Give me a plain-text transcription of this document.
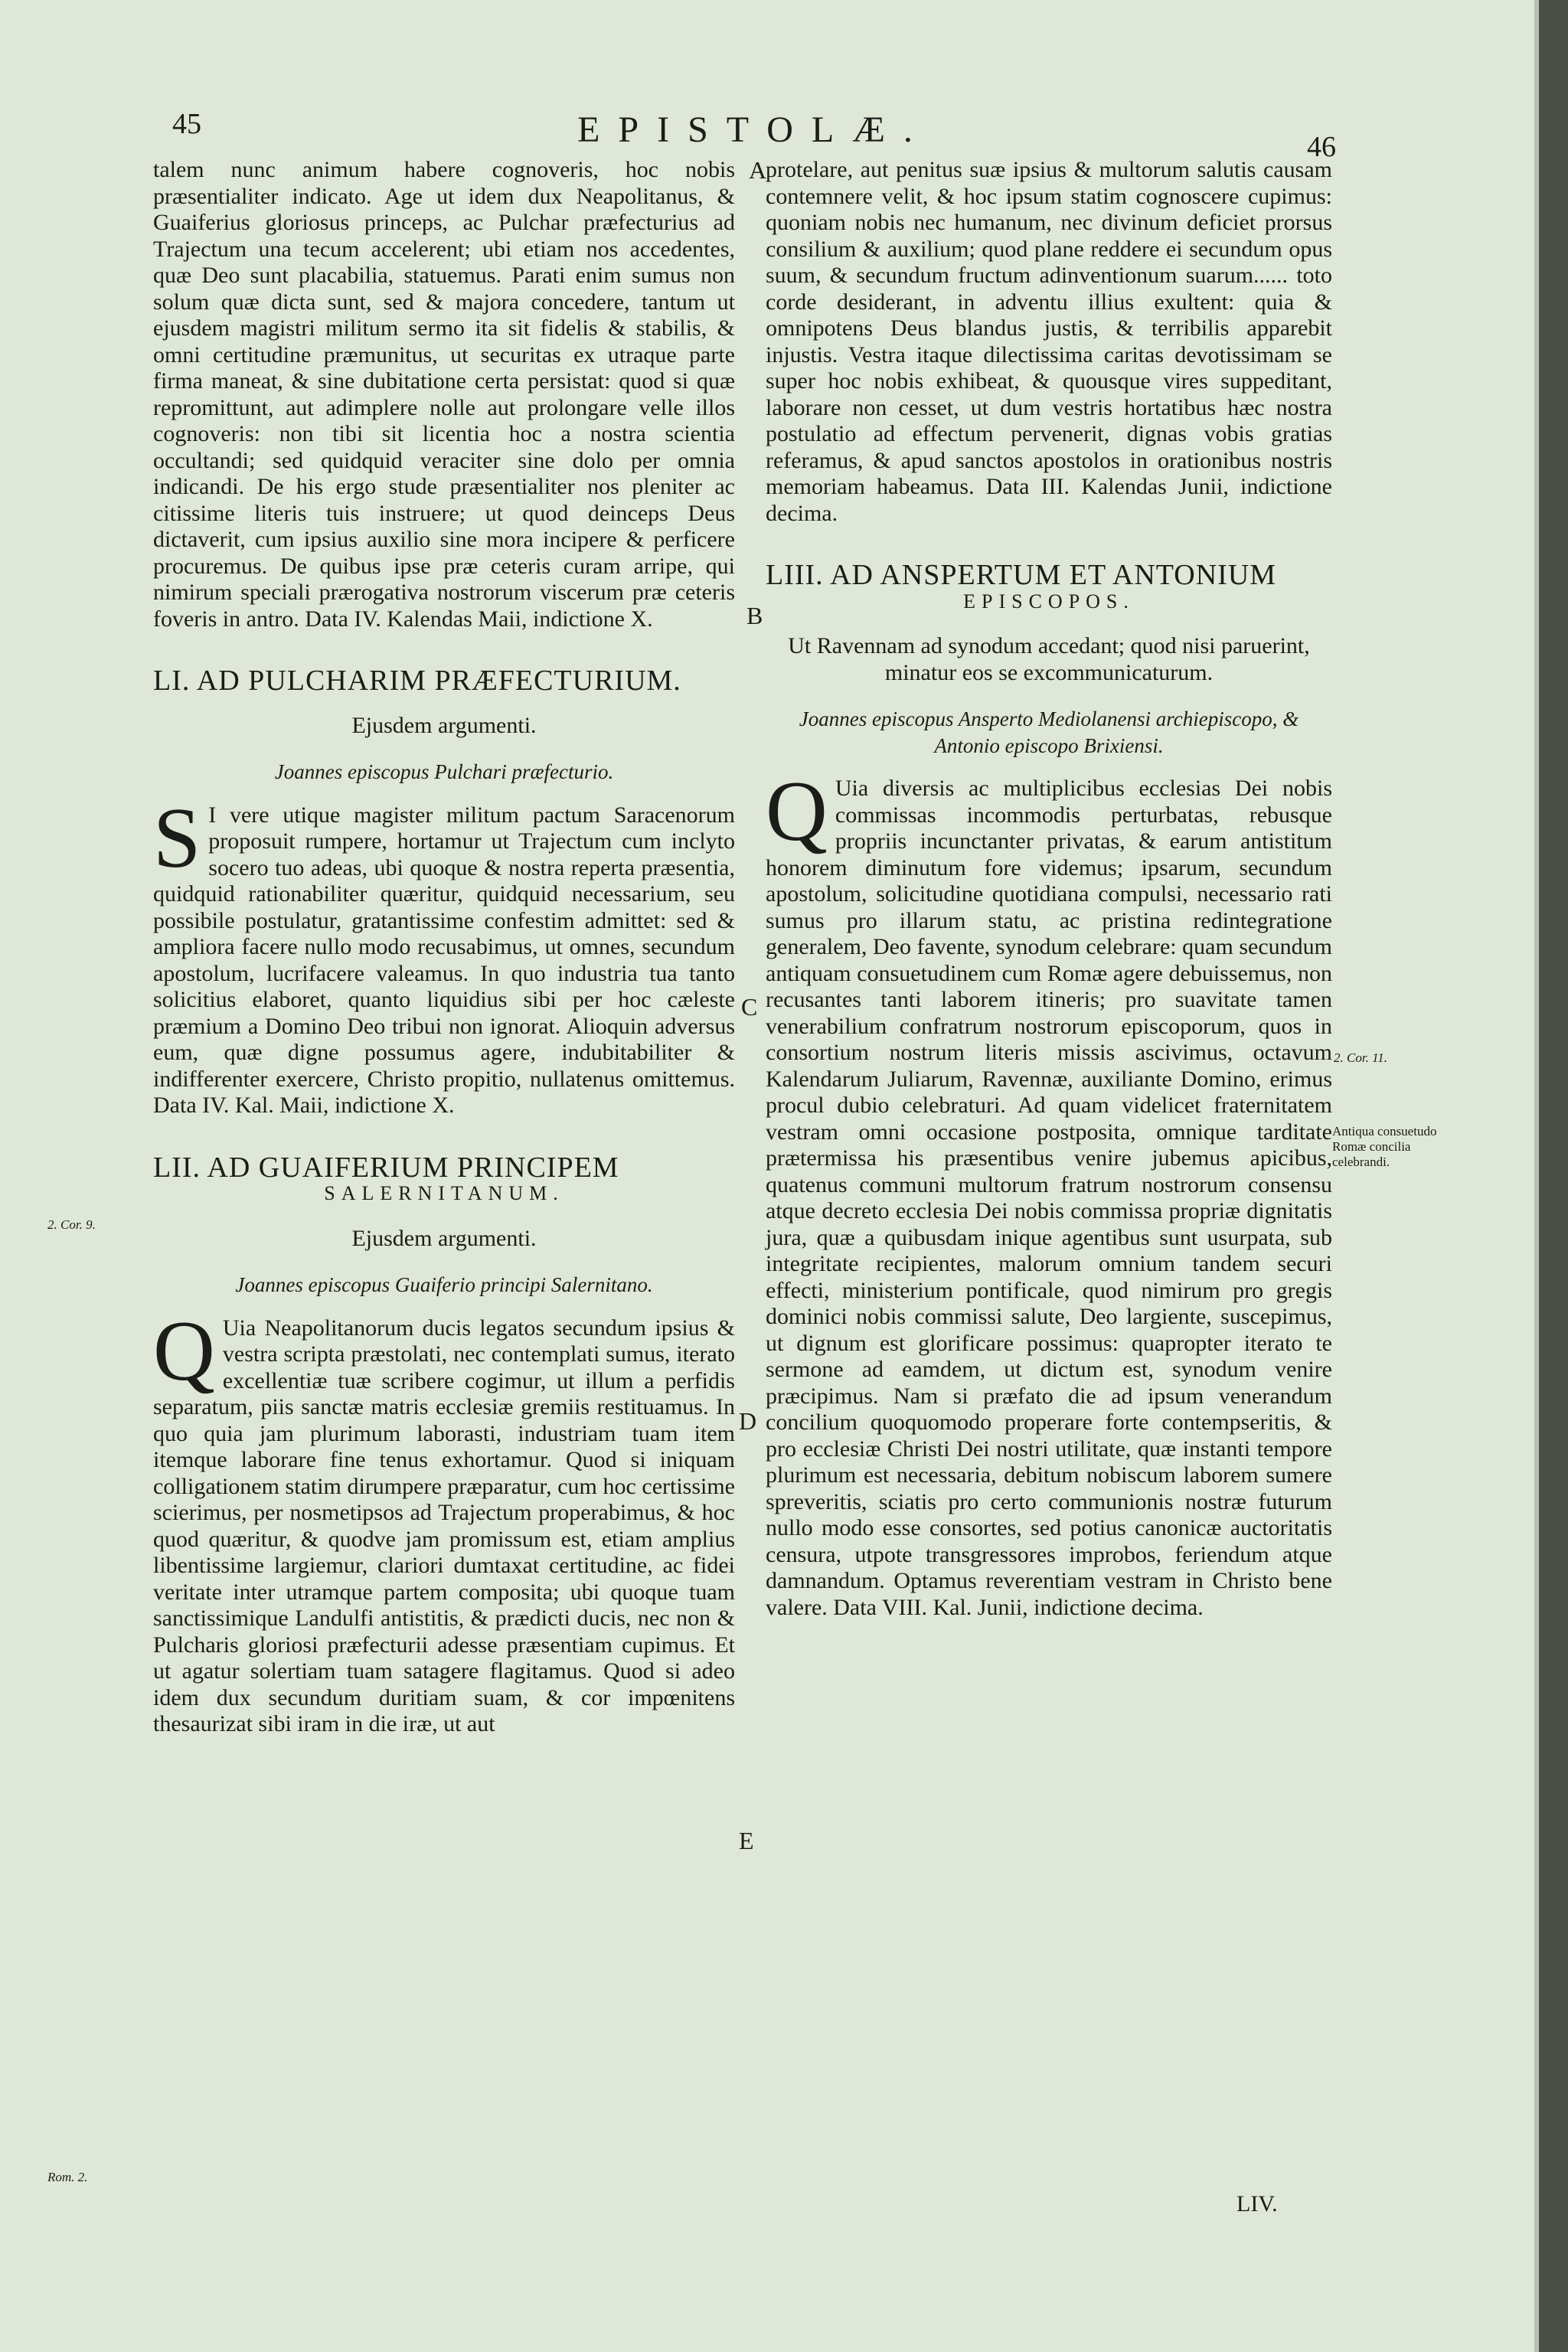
45	EPISTOLÆ.	46

talem nunc animum habere cognoveris, hoc nobis præsentialiter indicato. Age ut idem dux Neapolitanus, & Guaiferius gloriosus princeps, ac Pulchar præfecturius ad Trajectum una tecum accelerent; ubi etiam nos accedentes, quæ Deo sunt placabilia, statuemus. Parati enim sumus non solum quæ dicta sunt, sed & majora concedere, tantum ut ejusdem magistri militum sermo ita sit fidelis & stabilis, & omni certitudine præmunitus, ut securitas ex utraque parte firma maneat, & sine dubitatione certa persistat: quod si quæ repromittunt, aut adimplere nolle aut prolongare velle illos cognoveris: non tibi sit licentia hoc a nostra scientia occultandi; sed quidquid veraciter sine dolo per omnia indicandi. De his ergo stude præsentialiter nos pleniter ac citissime literis tuis instruere; ut quod deinceps Deus dictaverit, cum ipsius auxilio sine mora incipere & perficere procuremus. De quibus ipse præ ceteris curam arripe, qui nimirum speciali prærogativa nostrorum viscerum præ ceteris foveris in antro. Data IV. Kalendas Maii, indictione X.

LI. AD PULCHARIM PRÆFECTURIUM.
Ejusdem argumenti.
Joannes episcopus Pulchari præfecturio.

S I vere utique magister militum pactum Saracenorum proposuit rumpere, hortamur ut Trajectum cum inclyto socero tuo adeas, ubi quoque & nostra reperta præsentia, quidquid rationabiliter quæritur, quidquid necessarium, seu possibile postulatur, gratantissime confestim admittet: sed & ampliora facere nullo modo recusabimus, ut omnes, secundum apostolum, lucrifacere valeamus. In quo industria tua tanto solicitius elaboret, quanto liquidius sibi per hoc cæleste præmium a Domino Deo tribui non ignorat. Alioquin adversus eum, quæ digne possumus agere, indubitabiliter & indifferenter exercere, Christo propitio, nullatenus omittemus. Data IV. Kal. Maii, indictione X.

LII. AD GUAIFERIUM PRINCIPEM
SALERNITANUM.
Ejusdem argumenti.
Joannes episcopus Guaiferio principi Salernitano.

Q Uia Neapolitanorum ducis legatos secundum ipsius & vestra scripta præstolati, nec contemplati sumus, iterato excellentiæ tuæ scribere cogimur, ut illum a perfidis separatum, piis sanctæ matris ecclesiæ gremiis restituamus. In quo quia jam plurimum laborasti, industriam tuam item itemque laborare fine tenus exhortamur. Quod si iniquam colligationem statim dirumpere præparatur, cum hoc certissime scierimus, per nosmetipsos ad Trajectum properabimus, & hoc quod quæritur, & quodve jam promissum est, etiam amplius libentissime largiemur, clariori dumtaxat certitudine, ac fidei veritate inter utramque partem composita; ubi quoque tuam sanctissimique Landulfi antistitis, & prædicti ducis, nec non & Pulcharis gloriosi præfecturii adesse præsentiam cupimus. Et ut agatur solertiam tuam satagere flagitamus. Quod si adeo idem dux secundum duritiam suam, & cor impœnitens thesaurizat sibi iram in die iræ, ut aut

protelare, aut penitus suæ ipsius & multorum salutis causam contemnere velit, & hoc ipsum statim cognoscere cupimus: quoniam nobis nec humanum, nec divinum deficiet prorsus consilium & auxilium; quod plane reddere ei secundum opus suum, & secundum fructum adinventionum suarum...... toto corde desiderant, in adventu illius exultent: quia & omnipotens Deus blandus justis, & terribilis apparebit injustis. Vestra itaque dilectissima caritas devotissimam se super hoc nobis exhibeat, & quousque vires suppeditant, laborare non cesset, ut dum vestris hortatibus hæc nostra postulatio ad effectum pervenerit, dignas vobis gratias referamus, & apud sanctos apostolos in orationibus nostris memoriam habeamus. Data III. Kalendas Junii, indictione decima.

LIII. AD ANSPERTUM ET ANTONIUM
EPISCOPOS.
Ut Ravennam ad synodum accedant; quod nisi paruerint, minatur eos se excommunicaturum.
Joannes episcopus Ansperto Mediolanensi archiepiscopo, & Antonio episcopo Brixiensi.

Q Uia diversis ac multiplicibus ecclesias Dei nobis commissas incommodis perturbatas, rebusque propriis incunctanter privatas, & earum antistitum honorem diminutum fore videmus; ipsarum, secundum apostolum, solicitudine quotidiana compulsi, necessario rati sumus pro illarum statu, ac pristina redintegratione generalem, Deo favente, synodum celebrare: quam secundum antiquam consuetudinem cum Romæ agere debuissemus, non recusantes tanti laborem itineris; pro suavitate tamen venerabilium confratrum nostrorum episcoporum, quos in consortium nostrum literis missis ascivimus, octavum Kalendarum Juliarum, Ravennæ, auxiliante Domino, erimus procul dubio celebraturi. Ad quam videlicet fraternitatem vestram omni occasione postposita, omnique tarditate prætermissa his præsentibus venire jubemus apicibus, quatenus communi multorum fratrum nostrorum consensu atque decreto ecclesia Dei nobis commissa propriæ dignitatis jura, quæ a quibusdam inique agentibus sunt usurpata, sub integritate recipientes, malorum omnium tandem securi effecti, ministerium pontificale, quod nimirum pro gregis dominici nobis commissi salute, Deo largiente, suscepimus, ut dignum est glorificare possimus: quapropter iterato te sermone ad eamdem, ut dictum est, synodum venire præcipimus. Nam si præfato die ad ipsum venerandum concilium quoquomodo properare forte contempseritis, & pro ecclesiæ Christi Dei nostri utilitate, quæ instanti tempore plurimum est necessaria, debitum nobiscum laborem sumere spreveritis, sciatis pro certo communionis nostræ futurum nullo modo esse consortes, sed potius canonicæ auctoritatis censura, utpote transgressores improbos, feriendum atque damnandum. Optamus reverentiam vestram in Christo bene valere. Data VIII. Kal. Junii, indictione decima.

A
B
C
D
E
2. Cor. 9.
Rom. 2.
2. Cor. 11.
Antiqua consuetudo Romæ concilia celebrandi.
LIV.
